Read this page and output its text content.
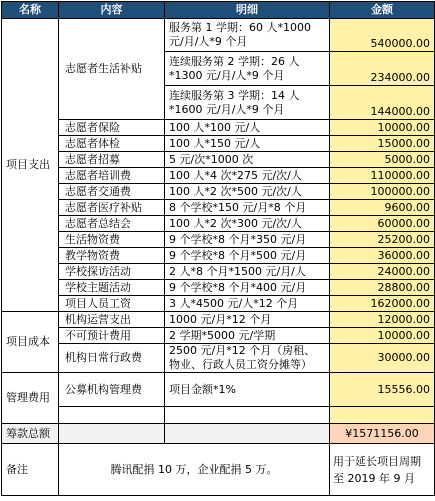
名称	内容	明细	金额
项目支出	志愿者生活补贴	服务第 1 学期：60 人*1000 元/月/人*9 个月	540000.00
		连续服务第 2 学期：26 人*1300 元/月/人*9 个月	234000.00
		连续服务第 3 学期：14 人*1600 元/月/人*9 个月	144000.00
	志愿者保险	100 人*100 元/人	10000.00
	志愿者体检	100 人*150 元/人	15000.00
	志愿者招募	5 元/次*1000 次	5000.00
	志愿者培训费	100 人*4 次*275 元/次/人	110000.00
	志愿者交通费	100 人*2 次*500 元/次/人	100000.00
	志愿者医疗补贴	8 个学校*150 元/月*8 个月	9600.00
	志愿者总结会	100 人*2 次*300 元/次/人	60000.00
	生活物资费	9 个学校*8 个月*350 元/月	25200.00
	教学物资费	9 个学校*8 个月*500 元/月	36000.00
	学校探访活动	2 人*8 个月*1500 元/月/人	24000.00
	学校主题活动	9 个学校*8 个月*400 元/月	28800.00
	项目人员工资	3 人*4500 元/人*12 个月	162000.00
项目成本	机构运营支出	1000 元/月*12 个月	12000.00
	不可预计费用	2 学期*5000 元/学期	10000.00
	机构日常行政费	2500 元/月*12 个月（房租、物业、行政人员工资分摊等）	30000.00
管理费用	公募机构管理费	项目金额*1%	15556.00

筹款总额			¥1571156.00
备注	腾讯配捐 10 万，企业配捐 5 万。		用于延长项目周期至 2019 年 9 月
